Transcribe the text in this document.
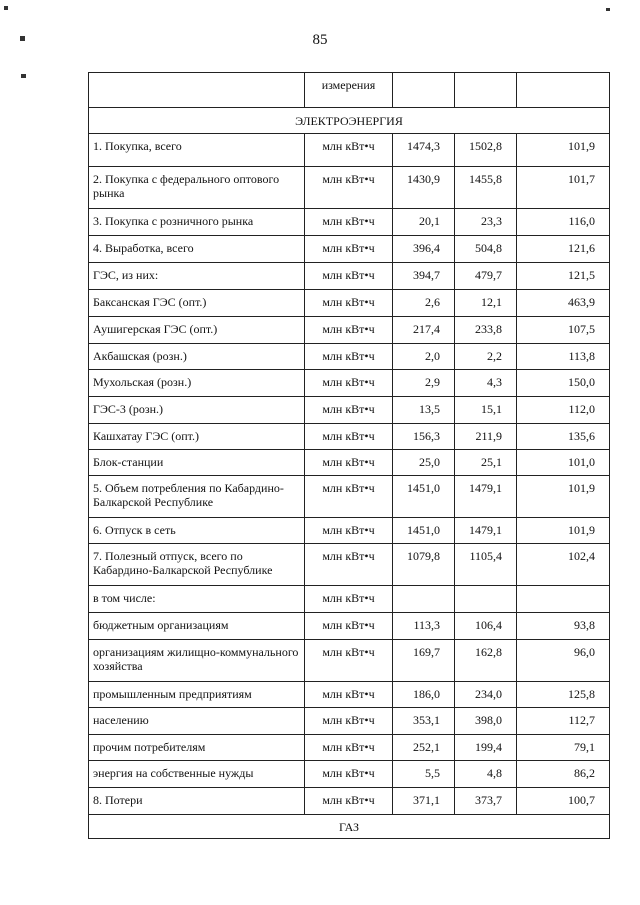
85
	измерения			
ЭЛЕКТРОЭНЕРГИЯ				
1. Покупка, всего	млн кВт•ч	1474,3	1502,8	101,9
2. Покупка с федерального оптового рынка	млн кВт•ч	1430,9	1455,8	101,7
3. Покупка с розничного рынка	млн кВт•ч	20,1	23,3	116,0
4. Выработка, всего	млн кВт•ч	396,4	504,8	121,6
ГЭС, из них:	млн кВт•ч	394,7	479,7	121,5
Баксанская ГЭС (опт.)	млн кВт•ч	2,6	12,1	463,9
Аушигерская ГЭС (опт.)	млн кВт•ч	217,4	233,8	107,5
Акбашская (розн.)	млн кВт•ч	2,0	2,2	113,8
Мухольская (розн.)	млн кВт•ч	2,9	4,3	150,0
ГЭС-3 (розн.)	млн кВт•ч	13,5	15,1	112,0
Кашхатау ГЭС (опт.)	млн кВт•ч	156,3	211,9	135,6
Блок-станции	млн кВт•ч	25,0	25,1	101,0
5. Объем потребления по Кабардино-Балкарской Республике	млн кВт•ч	1451,0	1479,1	101,9
6. Отпуск в сеть	млн кВт•ч	1451,0	1479,1	101,9
7. Полезный отпуск, всего по Кабардино-Балкарской Республике	млн кВт•ч	1079,8	1105,4	102,4
в том числе:	млн кВт•ч			
бюджетным организациям	млн кВт•ч	113,3	106,4	93,8
организациям жилищно-коммунального хозяйства	млн кВт•ч	169,7	162,8	96,0
промышленным предприятиям	млн кВт•ч	186,0	234,0	125,8
населению	млн кВт•ч	353,1	398,0	112,7
прочим потребителям	млн кВт•ч	252,1	199,4	79,1
энергия на собственные нужды	млн кВт•ч	5,5	4,8	86,2
8. Потери	млн кВт•ч	371,1	373,7	100,7
ГАЗ				
